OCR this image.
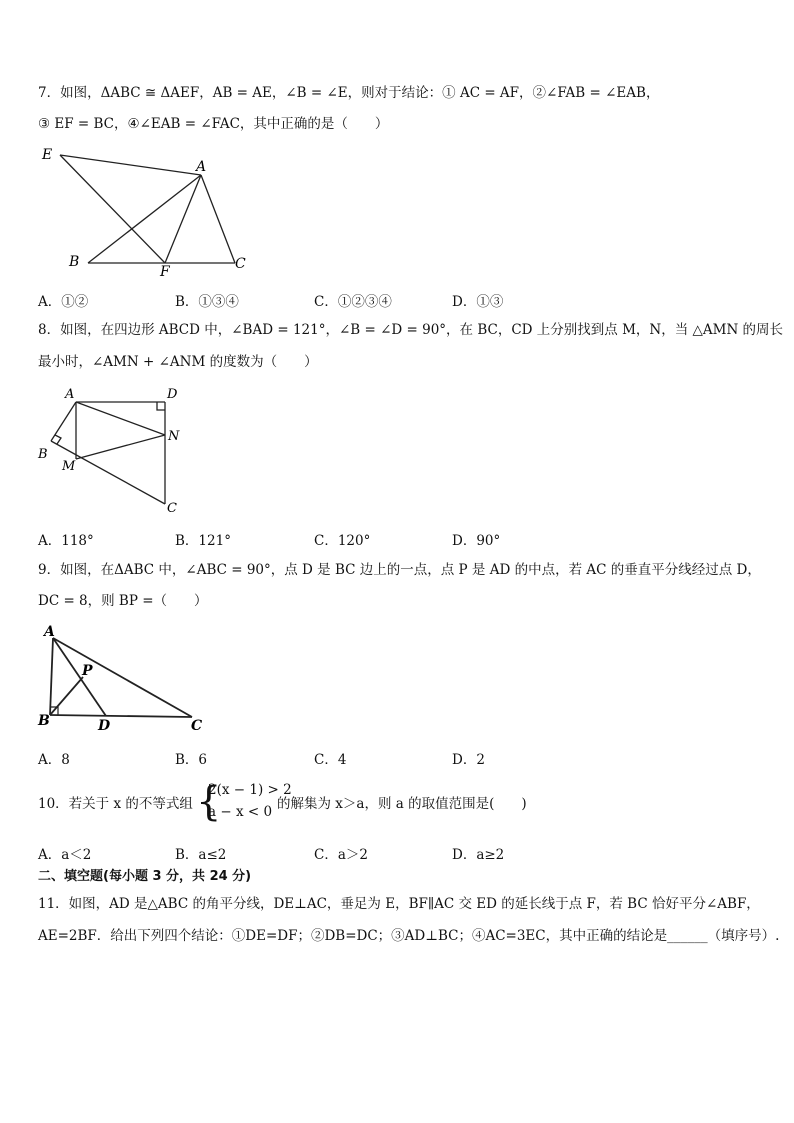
7．如图，ΔABC ≅ ΔAEF，AB = AE，∠B = ∠E，则对于结论：① AC = AF，②∠FAB = ∠EAB，
③ EF = BC，④∠EAB = ∠FAC，其中正确的是（　　）
E
A
B
F	C
A．①②	B．①③④	C．①②③④	D．①③
8．如图，在四边形 ABCD 中，∠BAD = 121°，∠B = ∠D = 90°，在 BC，CD 上分别找到点 M，N，当 △AMN 的周长
最小时，∠AMN + ∠ANM 的度数为（　　）
A	D
N
B
M
C
A．118°	B．121°	C．120°	D．90°
9．如图，在ΔABC 中，∠ABC = 90°，点 D 是 BC 边上的一点，点 P 是 AD 的中点，若 AC 的垂直平分线经过点 D，
DC = 8，则 BP =（　　）
A
P
B	D	C
A．8	B．6	C．4	D．2
10．若关于 x 的不等式组 {
2(x − 1) > 2
a − x < 0 的解集为 x＞a，则 a 的取值范围是(　　)
A．a＜2	B．a≤2	C．a＞2	D．a≥2
二、填空题(每小题 3 分，共 24 分)
11．如图，AD 是△ABC 的角平分线，DE⊥AC，垂足为 E，BF∥AC 交 ED 的延长线于点 F，若 BC 恰好平分∠ABF，
AE=2BF．给出下列四个结论：①DE=DF；②DB=DC；③AD⊥BC；④AC=3EC，其中正确的结论是______（填序号）.
